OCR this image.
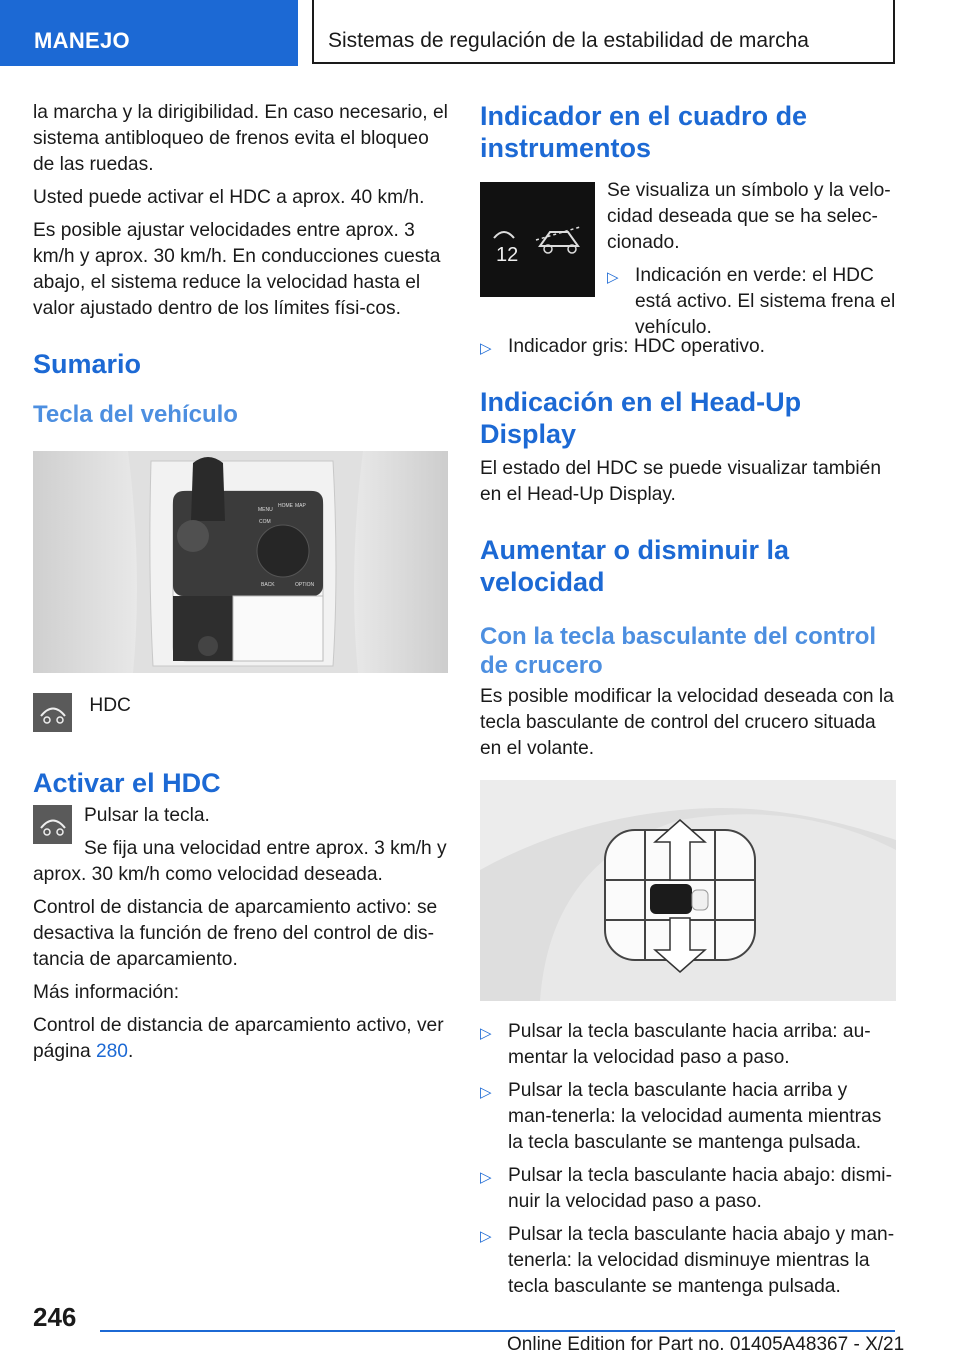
MANEJO	Sistemas de regulación de la estabilidad de marcha

la marcha y la dirigibilidad. En caso necesario, el sistema antibloqueo de frenos evita el bloqueo de las ruedas.

Usted puede activar el HDC a aprox. 40 km/h.

Es posible ajustar velocidades entre aprox. 3 km/h y aprox. 30 km/h. En conducciones cuesta abajo, el sistema reduce la velocidad hasta el valor ajustado dentro de los límites físi‐cos.

Sumario
Tecla del vehículo
MENU
HOME MAP
COM
BACK	OPTION
HDC
Activar el HDC

Pulsar la tecla.

Se fija una velocidad entre aprox. 3 km/h y aprox. 30 km/h como velocidad deseada.

Control de distancia de aparcamiento activo: se desactiva la función de freno del control de dis‐tancia de aparcamiento.

Más información:

Control de distancia de aparcamiento activo, ver página 280.

Indicador en el cuadro de instrumentos
12

Se visualiza un símbolo y la velo‐cidad deseada que se ha selec‐cionado.

▷ Indicación en verde: el HDC está activo. El sistema frena el vehículo.
▷ Indicador gris: HDC operativo.
Indicación en el Head-Up Display

El estado del HDC se puede visualizar también en el Head-Up Display.

Aumentar o disminuir la velocidad
Con la tecla basculante del control de crucero

Es posible modificar la velocidad deseada con la tecla basculante de control del crucero situada en el volante.

▷ Pulsar la tecla basculante hacia arriba: au‐mentar la velocidad paso a paso.
▷ Pulsar la tecla basculante hacia arriba y man‐tenerla: la velocidad aumenta mientras la tecla basculante se mantenga pulsada.
▷ Pulsar la tecla basculante hacia abajo: dismi‐nuir la velocidad paso a paso.
▷ Pulsar la tecla basculante hacia abajo y man‐tenerla: la velocidad disminuye mientras la tecla basculante se mantenga pulsada.
246
Online Edition for Part no. 01405A48367 - X/21
